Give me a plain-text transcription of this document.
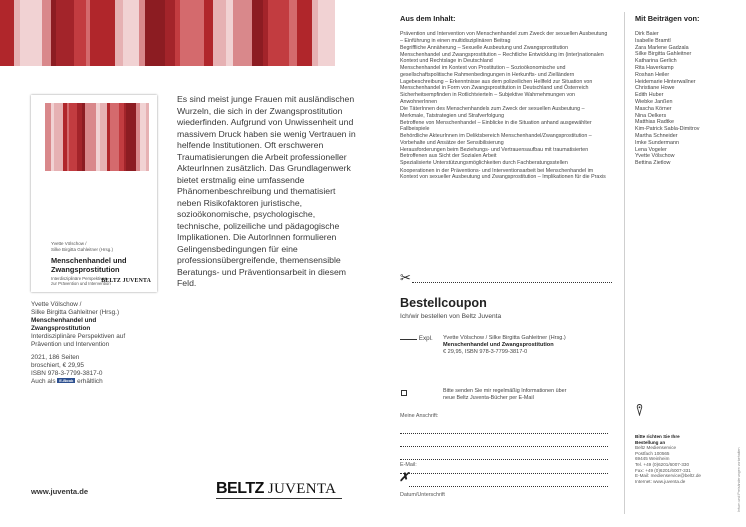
Yvette Völschow /
Silke Birgitta Gahleitner (Hrsg.)
Menschenhandel und
Zwangsprostitution
Interdisziplinäre Perspektiven
zur Prävention und Intervention
BELTZ JUVENTA
Es sind meist junge Frauen mit ausländischen Wurzeln, die sich in der Zwangsprostitution wiederfinden. Aufgrund von Unwissenheit und massivem Druck haben sie wenig Vertrauen in helfende Institutionen. Oft erschweren Traumatisierungen die Arbeit professioneller AkteurInnen zusätzlich. Das Grundlagenwerk bietet erstmalig eine umfassende Phänomenbeschreibung und thematisiert neben Risikofaktoren juristische, sozioökonomische, psychologische, technische, polizeiliche und pädagogische Implikationen. Die AutorInnen formulieren Gelingensbedingungen für eine professionsübergreifende, themensensible Beratungs- und Präventionsarbeit in diesem Feld.
Yvette Völschow /
Silke Birgitta Gahleitner (Hrsg.)
Menschenhandel und
Zwangsprostitution
Interdisziplinäre Perspektiven auf
Prävention und Intervention
2021, 186 Seiten
broschiert, € 29,95
ISBN 978-3-7799-3817-0
Auch als E-Book erhältlich
www.juventa.de	BELTZ JUVENTA
Aus dem Inhalt:

Prävention und Intervention von Menschenhandel zum Zweck der sexuellen Ausbeutung – Einführung in einen multidisziplinären Beitrag

Begriffliche Annäherung – Sexuelle Ausbeutung und Zwangsprostitution

Menschenhandel und Zwangsprostitution – Rechtliche Entwicklung im (inter)nationalen Kontext und Rechtslage in Deutschland

Menschenhandel im Kontext von Prostitution – Sozioökonomische und gesellschaftspolitische Rahmenbedingungen in Herkunfts- und Zielländern

Lagebeschreibung – Erkenntnisse aus dem polizeilichen Hellfeld zur Situation von Menschenhandel in Form von Zwangsprostitution in Deutschland und Österreich

Sicherheitsempfinden in Rotlichtvierteln – Subjektive Wahrnehmungen von AnwohnerInnen

Die TäterInnen des Menschenhandels zum Zweck der sexuellen Ausbeutung – Merkmale, Tatstrategien und Strafverfolgung

Betroffene von Menschenhandel – Einblicke in die Situation anhand ausgewählter Fallbeispiele

Behördliche AkteurInnen im Deliktsbereich Menschenhandel/Zwangsprostitution – Vorbehalte und Ansätze der Sensibilisierung

Herausforderungen beim Beziehungs- und Vertrauensaufbau mit traumatisierten Betroffenen aus Sicht der Sozialen Arbeit

Spezialisierte Unterstützungsmöglichkeiten durch Fachberatungsstellen

Kooperationen in der Präventions- und Interventionsarbeit bei Menschenhandel im Kontext von sexueller Ausbeutung und Zwangsprostitution – Implikationen für die Praxis

Mit Beiträgen von:
Dirk Baier
Isabelle Bramtl
Zara Marlene Gadzala
Silke Birgitta Gahleitner
Katharina Gerlich
Rita Haverkamp
Roshan Heiler
Heidemarie Hinterwallner
Christiane Howe
Edith Huber
Wiebke Janßen
Mascha Körner
Nina Oelkers
Matthias Radtke
Kim-Patrick Sabla-Dimitrov
Martha Schneider
Imke Sundermann
Lena Vogeler
Yvette Völschow
Bettina Zietlow
✂
Bestellcoupon
Ich/wir bestellen von Beltz Juventa
Expl. Yvette Völschow / Silke Birgitta Gahleitner (Hrsg.)
Menschenhandel und Zwangsprostitution
€ 29,95, ISBN 978-3-7799-3817-0
Bitte senden Sie mir regelmäßig Informationen über
neue Beltz Juventa-Bücher per E-Mail
Meine Anschrift:
E-Mail:
✗
Datum/Unterschrift
Bitte richten Sie Ihre
Bestellung an
Beltz Medienservice
Postfach 100565
69445 Weinheim
Tel. +49 (0)6201/6007-330
Fax: +49 (0)6201/6007-331
E-Mail: medienservice@beltz.de
Internet: www.juventa.de	Irrtum und Preisänderungen vorbehalten
